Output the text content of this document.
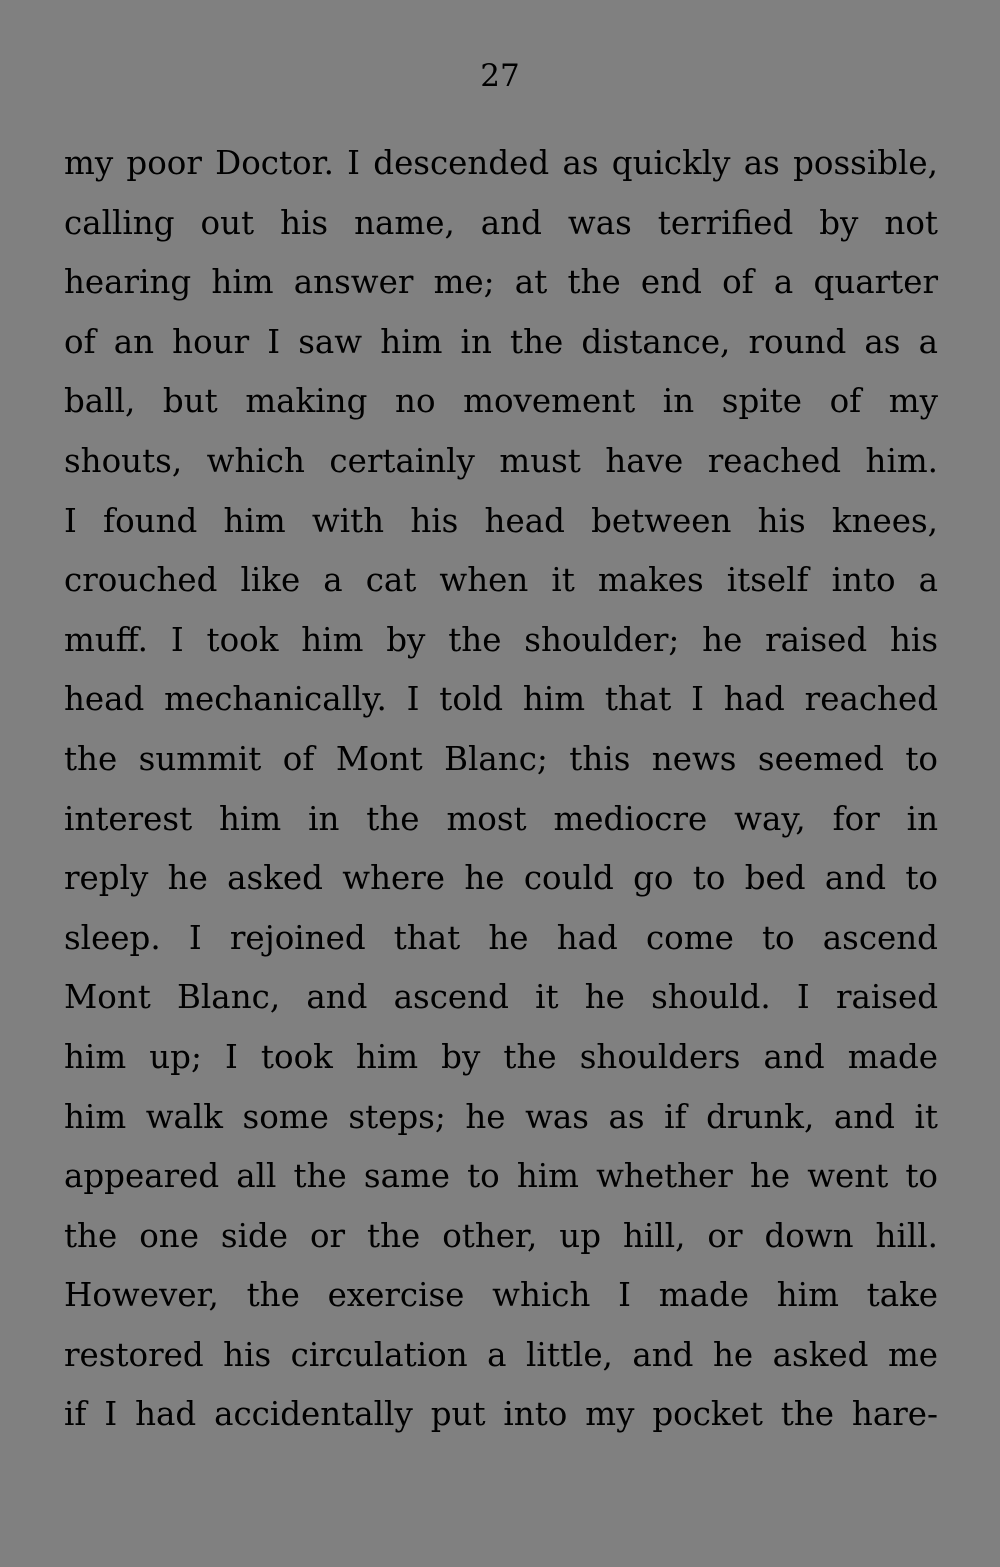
27
my poor Doctor. I descended as quickly as possible,
calling out his name, and was terrified by not
hearing him answer me; at the end of a quarter
of an hour I saw him in the distance, round as a
ball, but making no movement in spite of my
shouts, which certainly must have reached him.
I found him with his head between his knees,
crouched like a cat when it makes itself into a
muff. I took him by the shoulder; he raised his
head mechanically. I told him that I had reached
the summit of Mont Blanc; this news seemed to
interest him in the most mediocre way, for in
reply he asked where he could go to bed and to
sleep. I rejoined that he had come to ascend
Mont Blanc, and ascend it he should. I raised
him up; I took him by the shoulders and made
him walk some steps; he was as if drunk, and it
appeared all the same to him whether he went to
the one side or the other, up hill, or down hill.
However, the exercise which I made him take
restored his circulation a little, and he asked me
if I had accidentally put into my pocket the hare-
